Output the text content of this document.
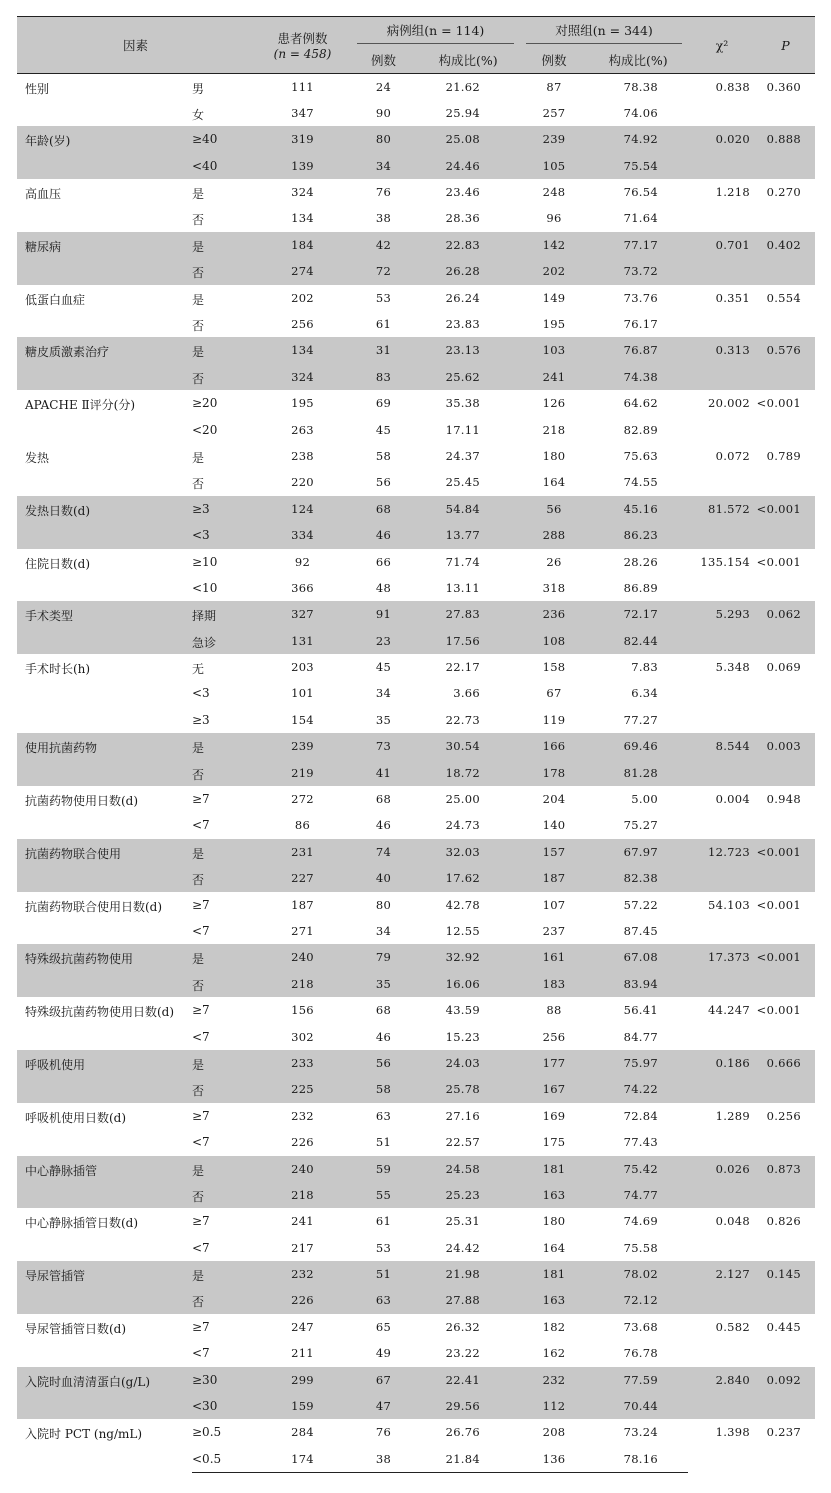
因素		患者例数
(n = 458)	病例组(n = 114)		对照组(n = 344)		χ²	P
			例数	构成比(%)	例数	构成比(%)		
性别	男	111	24	21.62	87	78.38	0.838	0.360
	女	347	90	25.94	257	74.06		
年龄(岁)	≥40	319	80	25.08	239	74.92	0.020	0.888
	<40	139	34	24.46	105	75.54		
高血压	是	324	76	23.46	248	76.54	1.218	0.270
	否	134	38	28.36	96	71.64		
糖尿病	是	184	42	22.83	142	77.17	0.701	0.402
	否	274	72	26.28	202	73.72		
低蛋白血症	是	202	53	26.24	149	73.76	0.351	0.554
	否	256	61	23.83	195	76.17		
糖皮质激素治疗	是	134	31	23.13	103	76.87	0.313	0.576
	否	324	83	25.62	241	74.38		
APACHE Ⅱ评分(分)	≥20	195	69	35.38	126	64.62	20.002	<0.001
	<20	263	45	17.11	218	82.89		
发热	是	238	58	24.37	180	75.63	0.072	0.789
	否	220	56	25.45	164	74.55		
发热日数(d)	≥3	124	68	54.84	56	45.16	81.572	<0.001
	<3	334	46	13.77	288	86.23		
住院日数(d)	≥10	92	66	71.74	26	28.26	135.154	<0.001
	<10	366	48	13.11	318	86.89		
手术类型	择期	327	91	27.83	236	72.17	5.293	0.062
	急诊	131	23	17.56	108	82.44		
手术时长(h)	无	203	45	22.17	158	7.83	5.348	0.069
	<3	101	34	3.66	67	6.34		
	≥3	154	35	22.73	119	77.27		
使用抗菌药物	是	239	73	30.54	166	69.46	8.544	0.003
	否	219	41	18.72	178	81.28		
抗菌药物使用日数(d)	≥7	272	68	25.00	204	5.00	0.004	0.948
	<7	86	46	24.73	140	75.27		
抗菌药物联合使用	是	231	74	32.03	157	67.97	12.723	<0.001
	否	227	40	17.62	187	82.38		
抗菌药物联合使用日数(d)	≥7	187	80	42.78	107	57.22	54.103	<0.001
	<7	271	34	12.55	237	87.45		
特殊级抗菌药物使用	是	240	79	32.92	161	67.08	17.373	<0.001
	否	218	35	16.06	183	83.94		
特殊级抗菌药物使用日数(d)	≥7	156	68	43.59	88	56.41	44.247	<0.001
	<7	302	46	15.23	256	84.77		
呼吸机使用	是	233	56	24.03	177	75.97	0.186	0.666
	否	225	58	25.78	167	74.22		
呼吸机使用日数(d)	≥7	232	63	27.16	169	72.84	1.289	0.256
	<7	226	51	22.57	175	77.43		
中心静脉插管	是	240	59	24.58	181	75.42	0.026	0.873
	否	218	55	25.23	163	74.77		
中心静脉插管日数(d)	≥7	241	61	25.31	180	74.69	0.048	0.826
	<7	217	53	24.42	164	75.58		
导尿管插管	是	232	51	21.98	181	78.02	2.127	0.145
	否	226	63	27.88	163	72.12		
导尿管插管日数(d)	≥7	247	65	26.32	182	73.68	0.582	0.445
	<7	211	49	23.22	162	76.78		
入院时血清清蛋白(g/L)	≥30	299	67	22.41	232	77.59	2.840	0.092
	<30	159	47	29.56	112	70.44		
入院时 PCT (ng/mL)	≥0.5	284	76	26.76	208	73.24	1.398	0.237
	<0.5	174	38	21.84	136	78.16		
